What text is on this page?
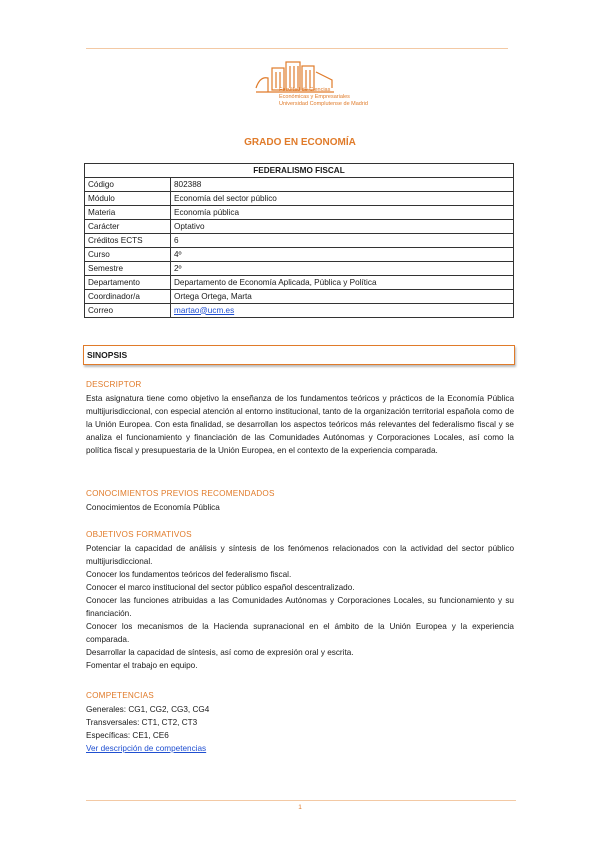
Facultad de Ciencias
Económicas y Empresariales
Universidad Complutense de Madrid
GRADO EN ECONOMÍA
FEDERALISMO FISCAL	
Código	802388
Módulo	Economía del sector público
Materia	Economía pública
Carácter	Optativo
Créditos ECTS	6
Curso	4º
Semestre	2º
Departamento	Departamento de Economía Aplicada, Pública y Política
Coordinador/a	Ortega Ortega, Marta
Correo	martao@ucm.es
SINOPSIS
DESCRIPTOR
Esta asignatura tiene como objetivo la enseñanza de los fundamentos teóricos y prácticos de la Economía Pública multijurisdiccional, con especial atención al entorno institucional, tanto de la organización territorial española como de la Unión Europea. Con esta finalidad, se desarrollan los aspectos teóricos más relevantes del federalismo fiscal y se analiza el funcionamiento y financiación de las Comunidades Autónomas y Corporaciones Locales, así como la política fiscal y presupuestaria de la Unión Europea, en el contexto de la experiencia comparada.
CONOCIMIENTOS PREVIOS RECOMENDADOS
Conocimientos de Economía Pública
OBJETIVOS FORMATIVOS
Potenciar la capacidad de análisis y síntesis de los fenómenos relacionados con la actividad del sector público multijurisdiccional.
Conocer los fundamentos teóricos del federalismo fiscal.
Conocer el marco institucional del sector público español descentralizado.
Conocer las funciones atribuidas a las Comunidades Autónomas y Corporaciones Locales, su funcionamiento y su financiación.
Conocer los mecanismos de la Hacienda supranacional en el ámbito de la Unión Europea y la experiencia comparada.
Desarrollar la capacidad de síntesis, así como de expresión oral y escrita.
Fomentar el trabajo en equipo.
COMPETENCIAS
Generales: CG1, CG2, CG3, CG4
Transversales: CT1, CT2, CT3
Específicas: CE1, CE6
Ver descripción de competencias
1
